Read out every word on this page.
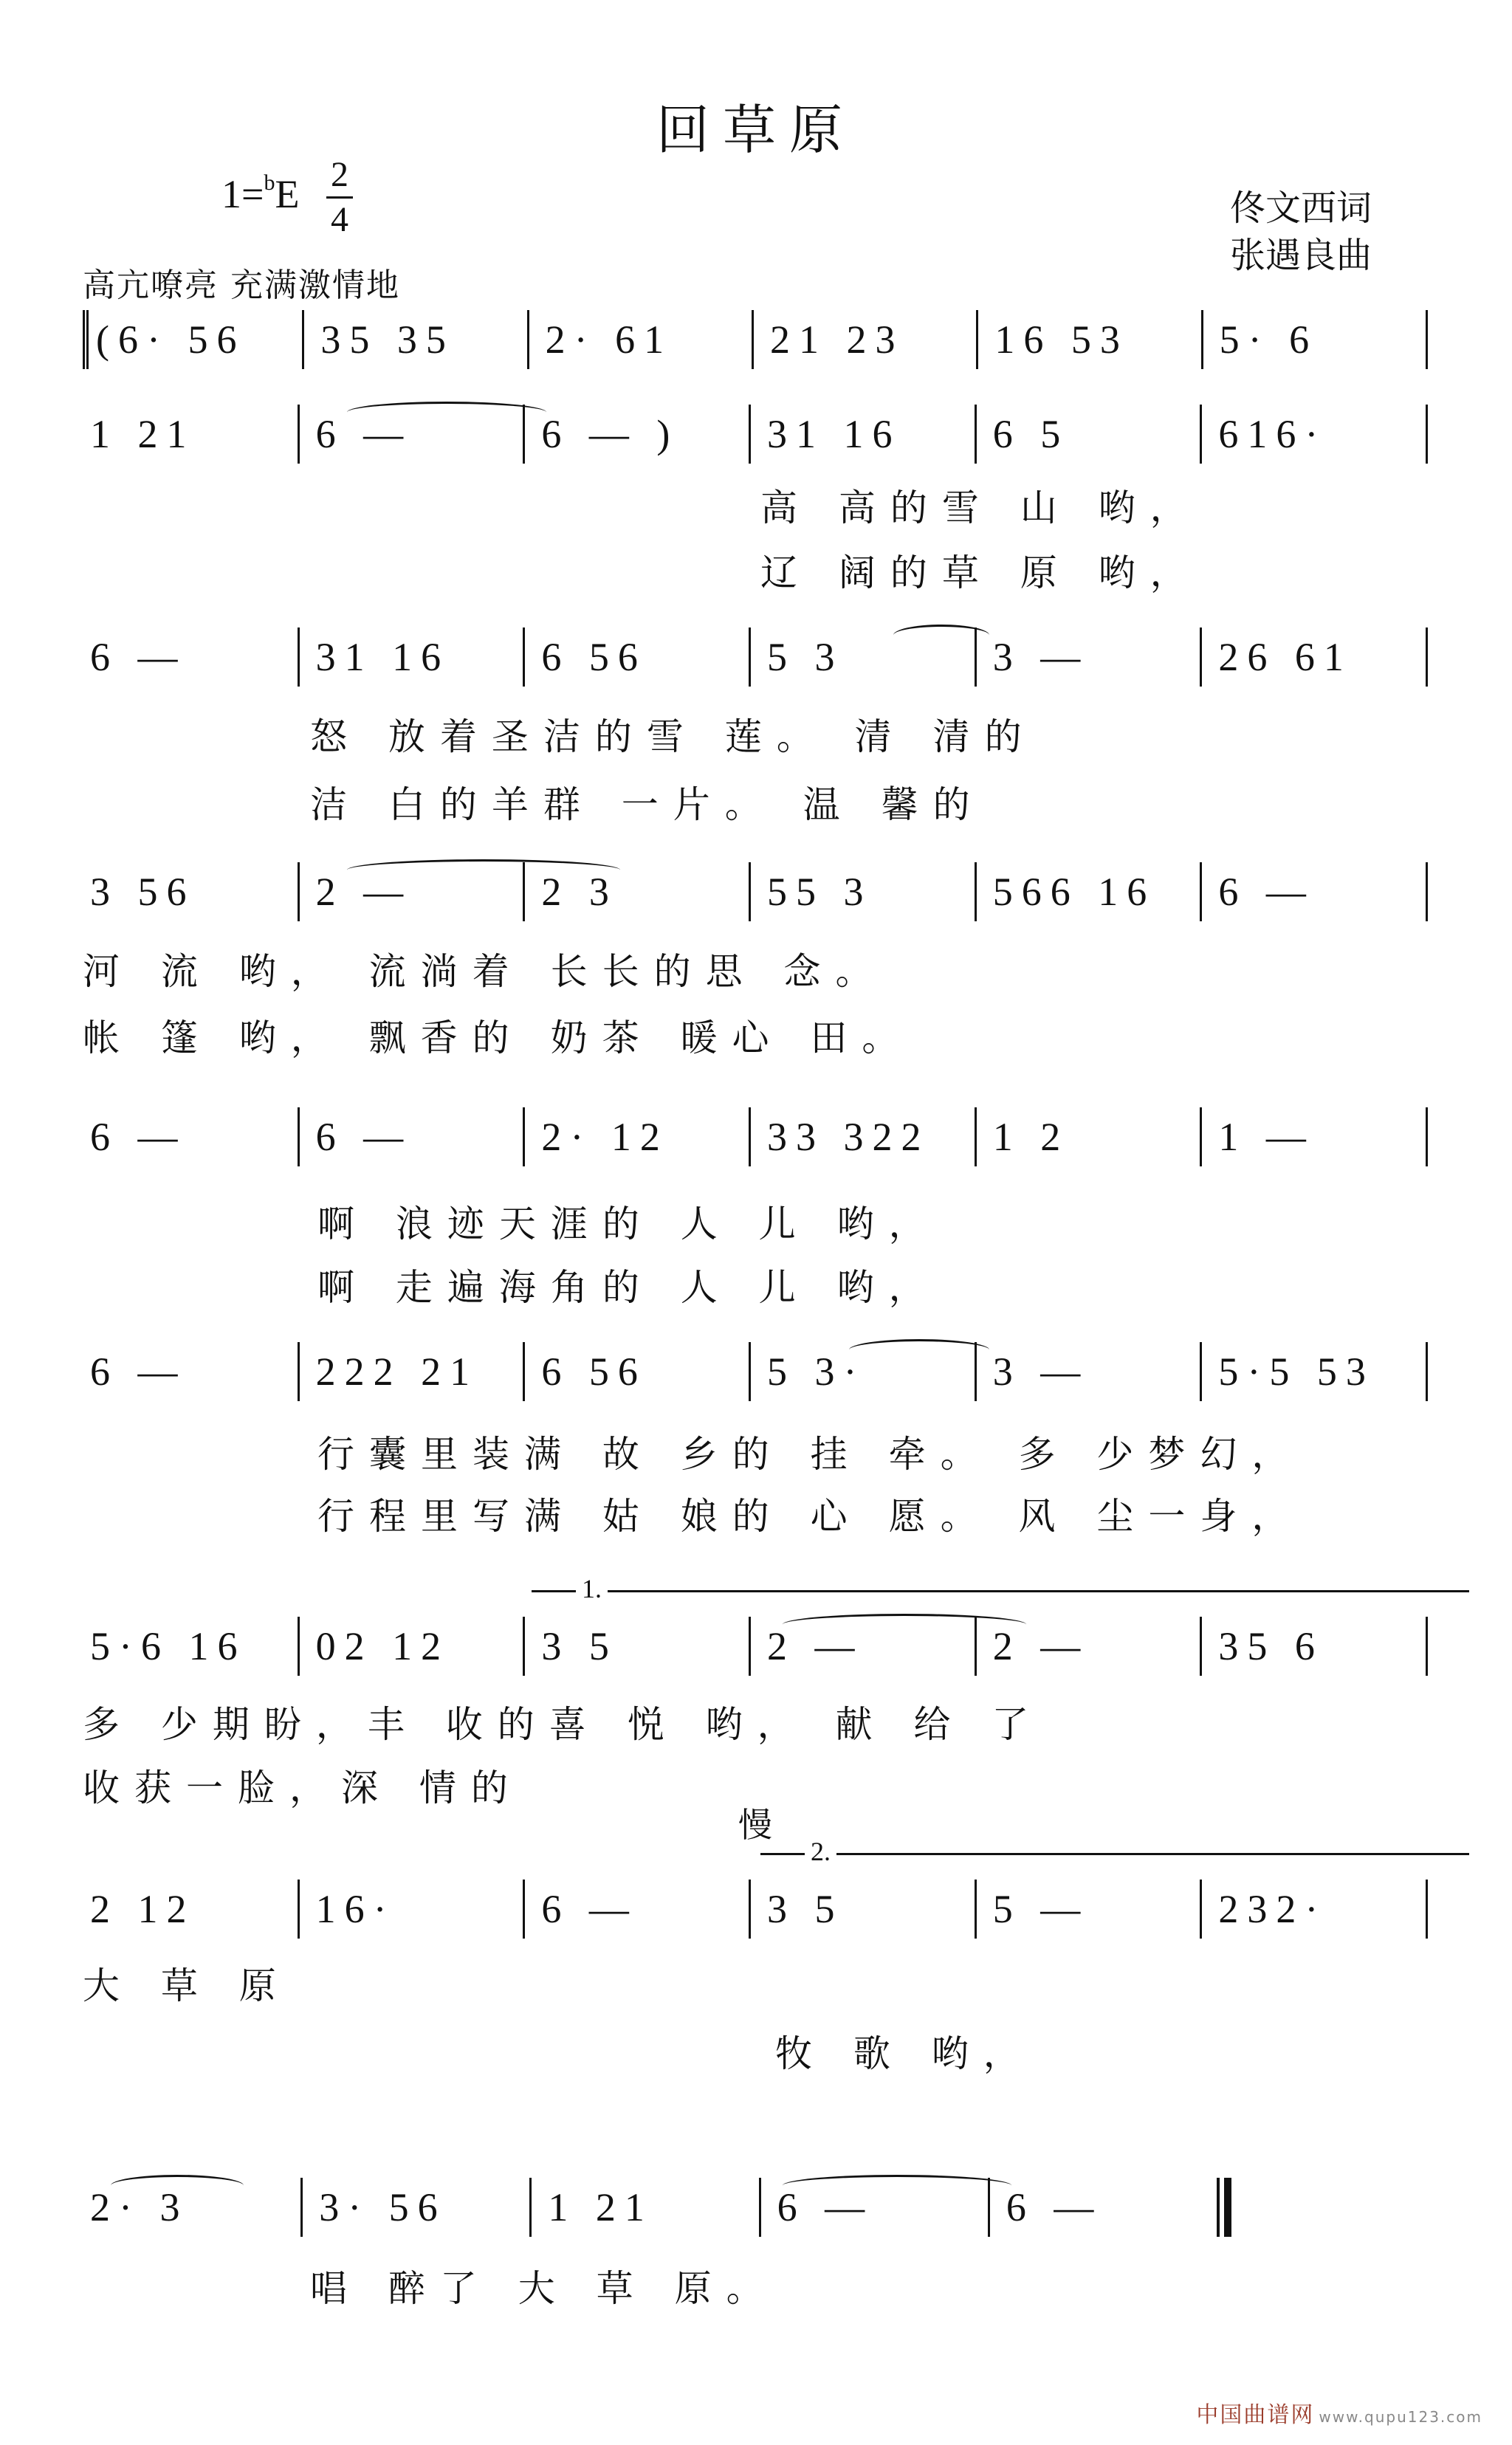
回草原
1=$^b$E 2
4	佟文西词
张遇良曲
高亢嘹亮 充满激情地
(6· 56	35 35	2· 61	21 23	16 53	5· 6
1 21	6 —	6 — )	31 16	6 5	616·
高 高的雪 山 哟，
辽 阔的草 原 哟，
6 —	31 16	6 56	5 3	3 —	26 61
怒 放着圣洁的雪 莲。 清 清的
洁 白的羊群 一片。 温 馨的
3 56	2 —	2 3	55 3	566 16	6 —
河 流 哟， 流淌着 长长的思 念。
帐 篷 哟， 飘香的 奶茶 暖心 田。
6 —	6 —	2· 12	33 322	1 2	1 —
啊 浪迹天涯的 人 儿 哟，
啊 走遍海角的 人 儿 哟，
6 —	222 21	6 56	5 3·	3 —	5·5 53
行囊里装满 故 乡的 挂 牵。 多 少梦幻，
行程里写满 姑 娘的 心 愿。 风 尘一身，
1.
5·6 16	02 12	3 5	2 —	2 —	35 6
多 少期盼，丰 收的喜 悦 哟， 献 给 了
收获一脸，深 情的
慢
2.
2 12	16·	6 —	3 5	5 —	232·
大 草 原
牧 歌 哟，
2· 3	3· 56	1 21	6 —	6 —
唱 醉了 大 草 原。
中国曲谱网 www.qupu123.com
